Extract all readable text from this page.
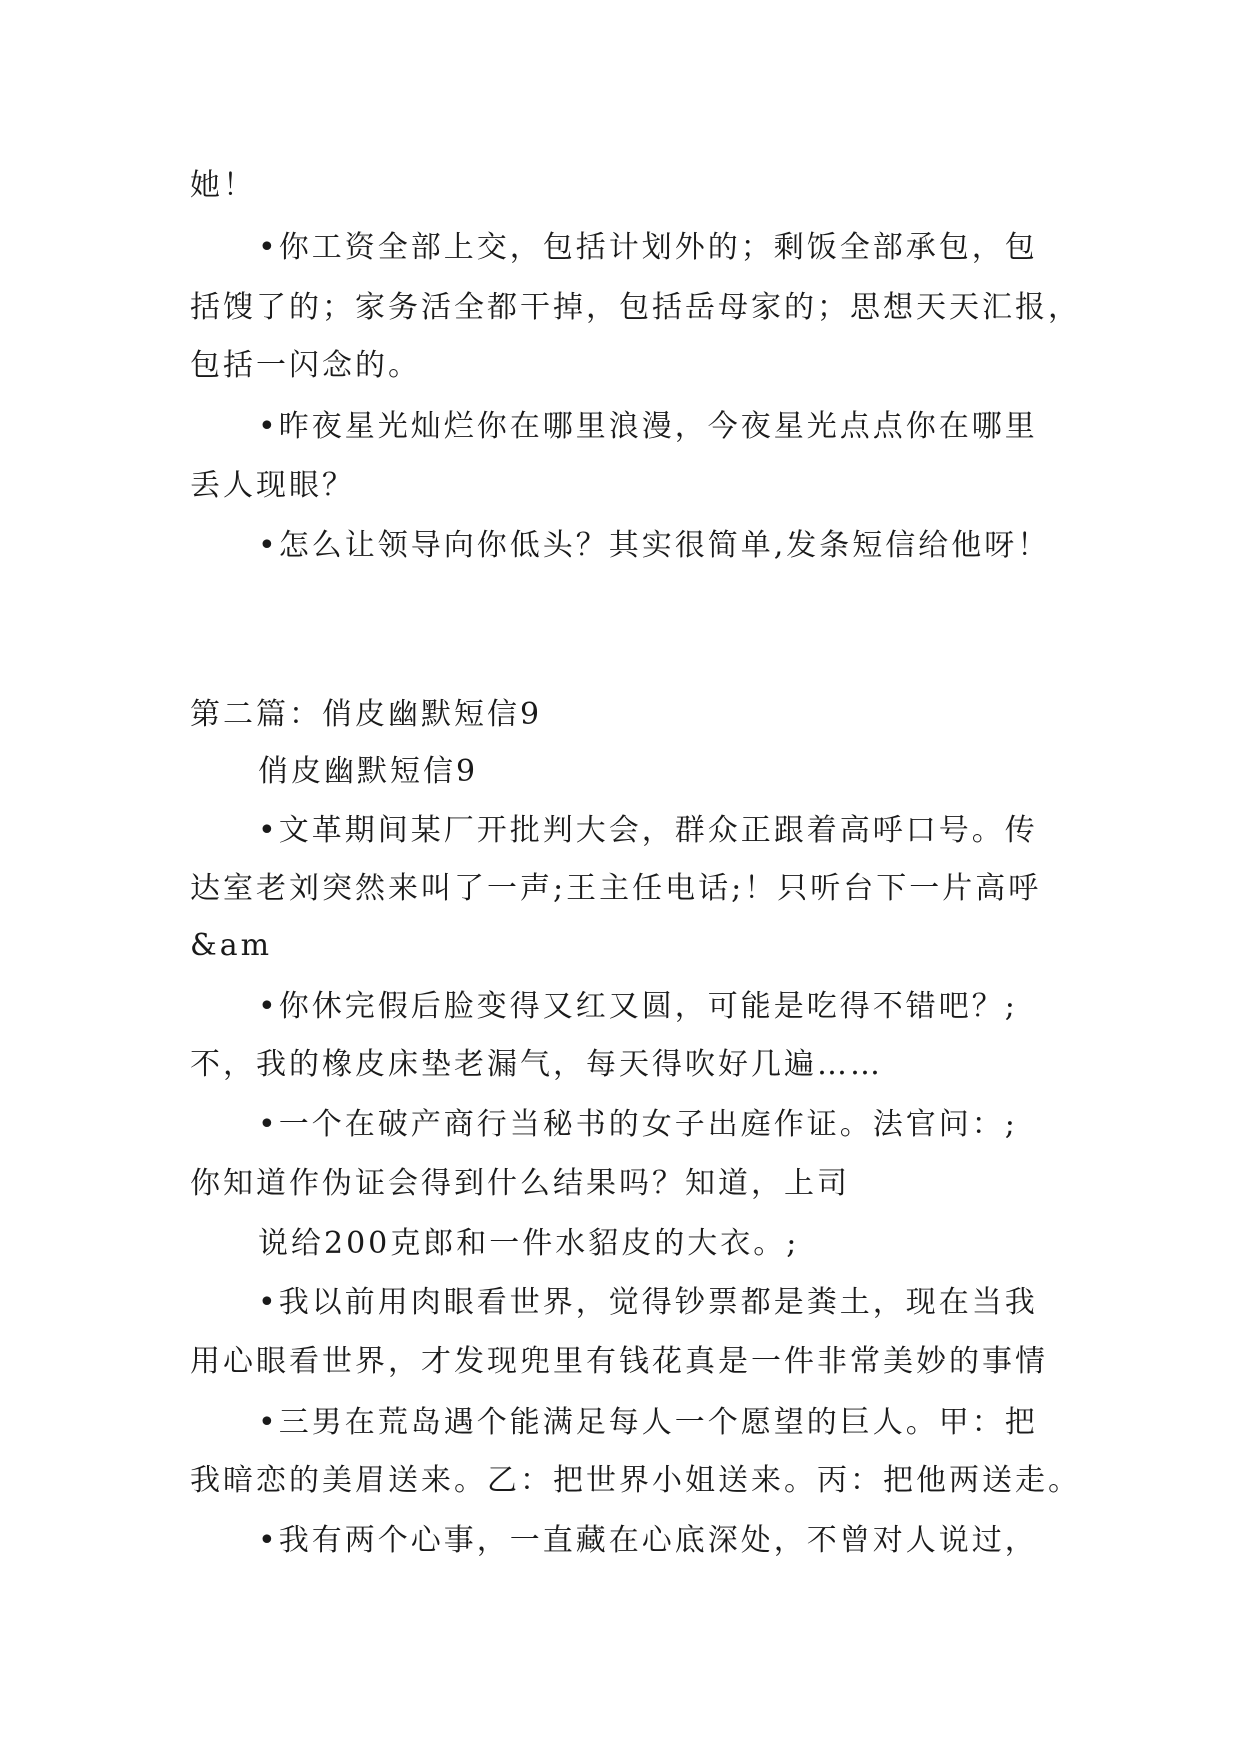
她！
•你工资全部上交，包括计划外的；剩饭全部承包，包
括馊了的；家务活全都干掉，包括岳母家的；思想天天汇报，
包括一闪念的。
•昨夜星光灿烂你在哪里浪漫，今夜星光点点你在哪里
丢人现眼？
•怎么让领导向你低头？其实很简单,发条短信给他呀！
第二篇：俏皮幽默短信9
俏皮幽默短信9
•文革期间某厂开批判大会，群众正跟着高呼口号。传
达室老刘突然来叫了一声;王主任电话;！只听台下一片高呼
&am
•你休完假后脸变得又红又圆，可能是吃得不错吧？;
不，我的橡皮床垫老漏气，每天得吹好几遍……
•一个在破产商行当秘书的女子出庭作证。法官问：;
你知道作伪证会得到什么结果吗？知道，上司
说给200克郎和一件水貂皮的大衣。;
•我以前用肉眼看世界，觉得钞票都是粪土，现在当我
用心眼看世界，才发现兜里有钱花真是一件非常美妙的事情
•三男在荒岛遇个能满足每人一个愿望的巨人。甲：把
我暗恋的美眉送来。乙：把世界小姐送来。丙：把他两送走。
•我有两个心事，一直藏在心底深处，不曾对人说过，
